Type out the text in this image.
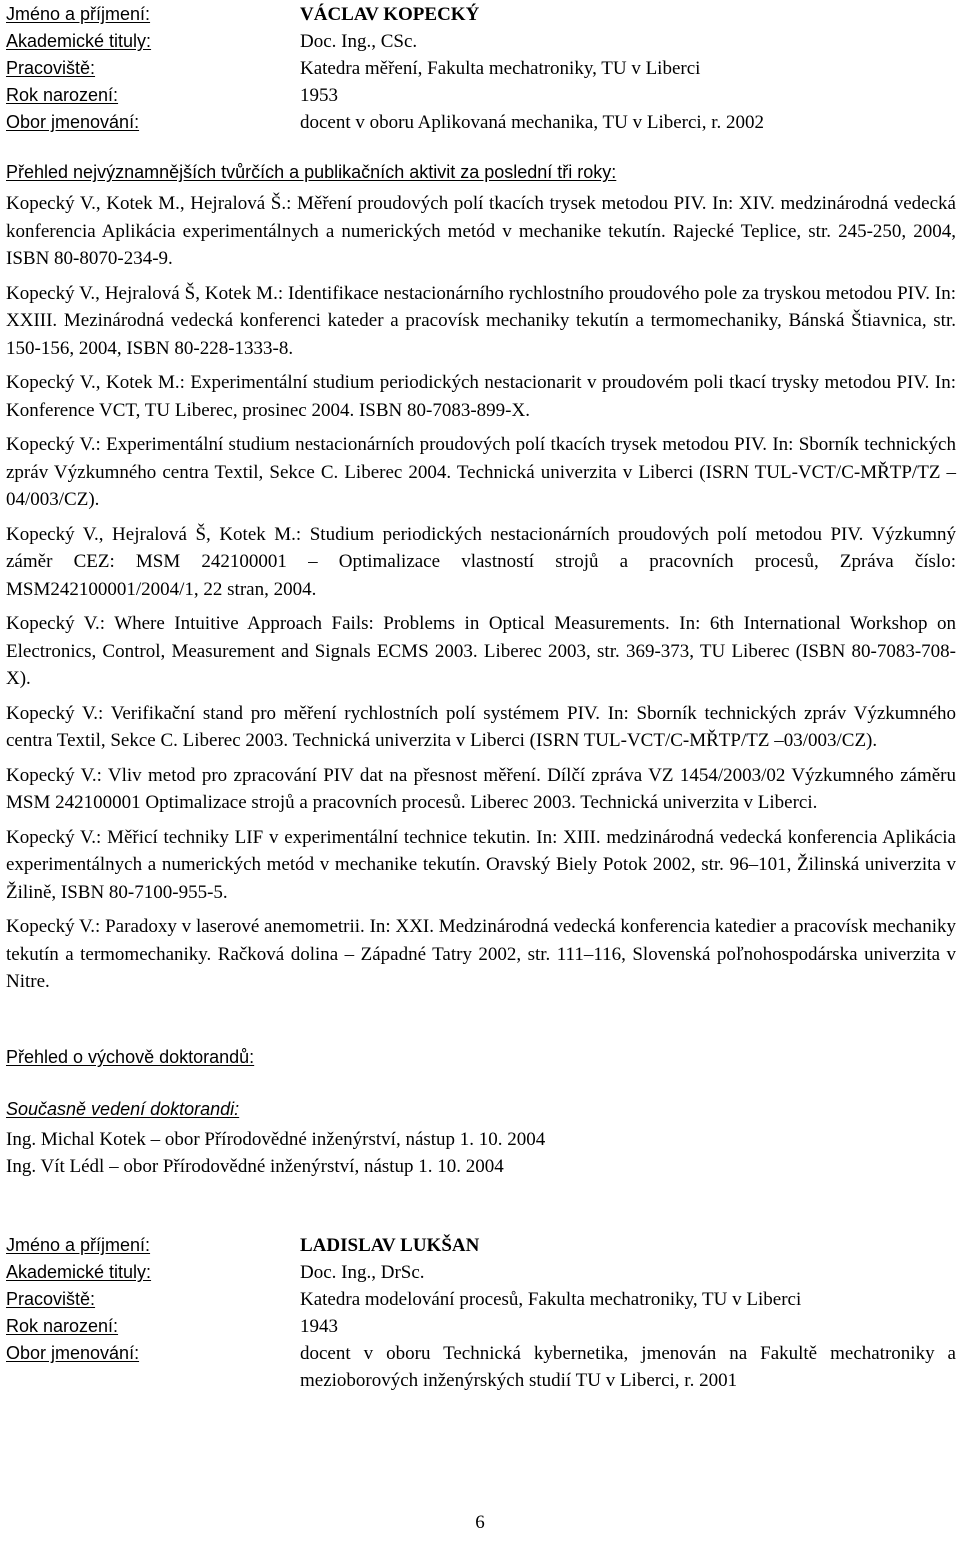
Jméno a příjmení:	VÁCLAV KOPECKÝ
Akademické tituly:	Doc. Ing., CSc.
Pracoviště:	Katedra měření, Fakulta mechatroniky, TU v Liberci
Rok narození:	1953
Obor jmenování:	docent v oboru Aplikovaná mechanika, TU v Liberci, r. 2002
Přehled nejvýznamnějších tvůrčích a publikačních aktivit za poslední tři roky:

Kopecký V., Kotek M., Hejralová Š.: Měření proudových polí tkacích trysek metodou PIV. In: XIV. medzinárodná vedecká konferencia Aplikácia experimentálnych a numerických metód v mechanike tekutín. Rajecké Teplice, str. 245-250, 2004, ISBN 80-8070-234-9.

Kopecký V., Hejralová Š, Kotek M.: Identifikace nestacionárního rychlostního proudového pole za tryskou metodou PIV. In: XXIII. Mezinárodná vedecká konferenci kateder a pracovísk mechaniky tekutín a termomechaniky, Bánská Štiavnica, str. 150-156, 2004, ISBN 80-228-1333-8.

Kopecký V., Kotek M.: Experimentální studium periodických nestacionarit v proudovém poli tkací trysky metodou PIV. In: Konference VCT, TU Liberec, prosinec 2004. ISBN 80-7083-899-X.

Kopecký V.: Experimentální studium nestacionárních proudových polí tkacích trysek metodou PIV. In: Sborník technických zpráv Výzkumného centra Textil, Sekce C. Liberec 2004. Technická univerzita v Liberci (ISRN TUL-VCT/C-MŘTP/TZ –04/003/CZ).

Kopecký V., Hejralová Š, Kotek M.: Studium periodických nestacionárních proudových polí metodou PIV. Výzkumný záměr CEZ: MSM 242100001 – Optimalizace vlastností strojů a pracovních procesů, Zpráva číslo: MSM242100001/2004/1, 22 stran, 2004.

Kopecký V.: Where Intuitive Approach Fails: Problems in Optical Measurements. In: 6th International Workshop on Electronics, Control, Measurement and Signals ECMS 2003. Liberec 2003, str. 369-373, TU Liberec (ISBN 80-7083-708-X).

Kopecký V.: Verifikační stand pro měření rychlostních polí systémem PIV. In: Sborník technických zpráv Výzkumného centra Textil, Sekce C. Liberec 2003. Technická univerzita v Liberci (ISRN TUL-VCT/C-MŘTP/TZ –03/003/CZ).

Kopecký V.: Vliv metod pro zpracování PIV dat na přesnost měření. Dílčí zpráva VZ 1454/2003/02 Výzkumného záměru MSM 242100001 Optimalizace strojů a pracovních procesů. Liberec 2003. Technická univerzita v Liberci.

Kopecký V.: Měřicí techniky LIF v experimentální technice tekutin. In: XIII. medzinárodná vedecká konferencia Aplikácia experimentálnych a numerických metód v mechanike tekutín. Oravský Biely Potok 2002, str. 96–101, Žilinská univerzita v Žilině, ISBN 80-7100-955-5.

Kopecký V.: Paradoxy v laserové anemometrii. In: XXI. Medzinárodná vedecká konferencia katedier a pracovísk mechaniky tekutín a termomechaniky. Račková dolina – Západné Tatry 2002, str. 111–116, Slovenská poľnohospodárska univerzita v Nitre.

Přehled o výchově doktorandů:
Současně vedení doktorandi:
Ing. Michal Kotek – obor Přírodovědné inženýrství, nástup 1. 10. 2004
Ing. Vít Lédl – obor Přírodovědné inženýrství, nástup 1. 10. 2004
Jméno a příjmení:	LADISLAV LUKŠAN
Akademické tituly:	Doc. Ing., DrSc.
Pracoviště:	Katedra modelování procesů, Fakulta mechatroniky, TU v Liberci
Rok narození:	1943
Obor jmenování:	docent v oboru Technická kybernetika, jmenován na Fakultě mechatroniky a mezioborových inženýrských studií TU v Liberci, r. 2001
6
